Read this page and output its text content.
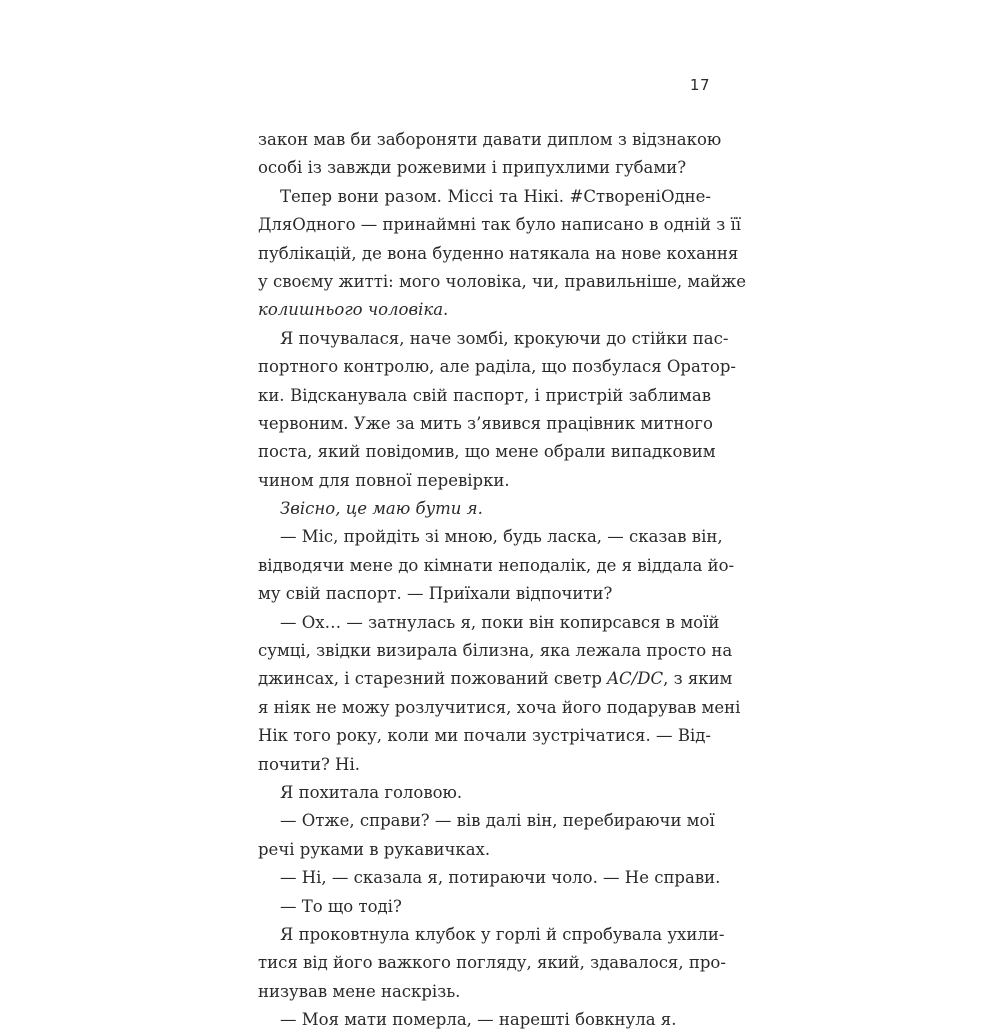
17
закон мав би забороняти давати диплом з відзнакою
особі із завжди рожевими і припухлими губами?
Тепер вони разом. Міссі та Нікі. #СтворенiОдне-
ДляОдного — принаймні так було написано в одній з її
публікацій, де вона буденно натякала на нове кохання
у своєму житті: мого чоловіка, чи, правильніше, майже
колишнього чоловіка.
Я почувалася, наче зомбі, крокуючи до стійки пас-
портного контролю, але раділа, що позбулася Оратор-
ки. Відсканувала свій паспорт, і пристрій заблимав
червоним. Уже за мить з’явився працівник митного
поста, який повідомив, що мене обрали випадковим
чином для повної перевірки.
Звісно, це маю бути я.
— Міс, пройдіть зі мною, будь ласка, — сказав він,
відводячи мене до кімнати неподалік, де я віддала йо-
му свій паспорт. — Приїхали відпочити?
— Ох… — затнулась я, поки він копирсався в моїй
сумці, звідки визирала білизна, яка лежала просто на
джинсах, і старезний пожований светр AC/DC, з яким
я ніяк не можу розлучитися, хоча його подарував мені
Нік того року, коли ми почали зустрічатися. — Від-
почити? Ні.
Я похитала головою.
— Отже, справи? — вів далі він, перебираючи мої
речі руками в рукавичках.
— Ні, — сказала я, потираючи чоло. — Не справи.
— То що тоді?
Я проковтнула клубок у горлі й спробувала ухили-
тися від його важкого погляду, який, здавалося, про-
низував мене наскрізь.
— Моя мати померла, — нарешті бовкнула я.
